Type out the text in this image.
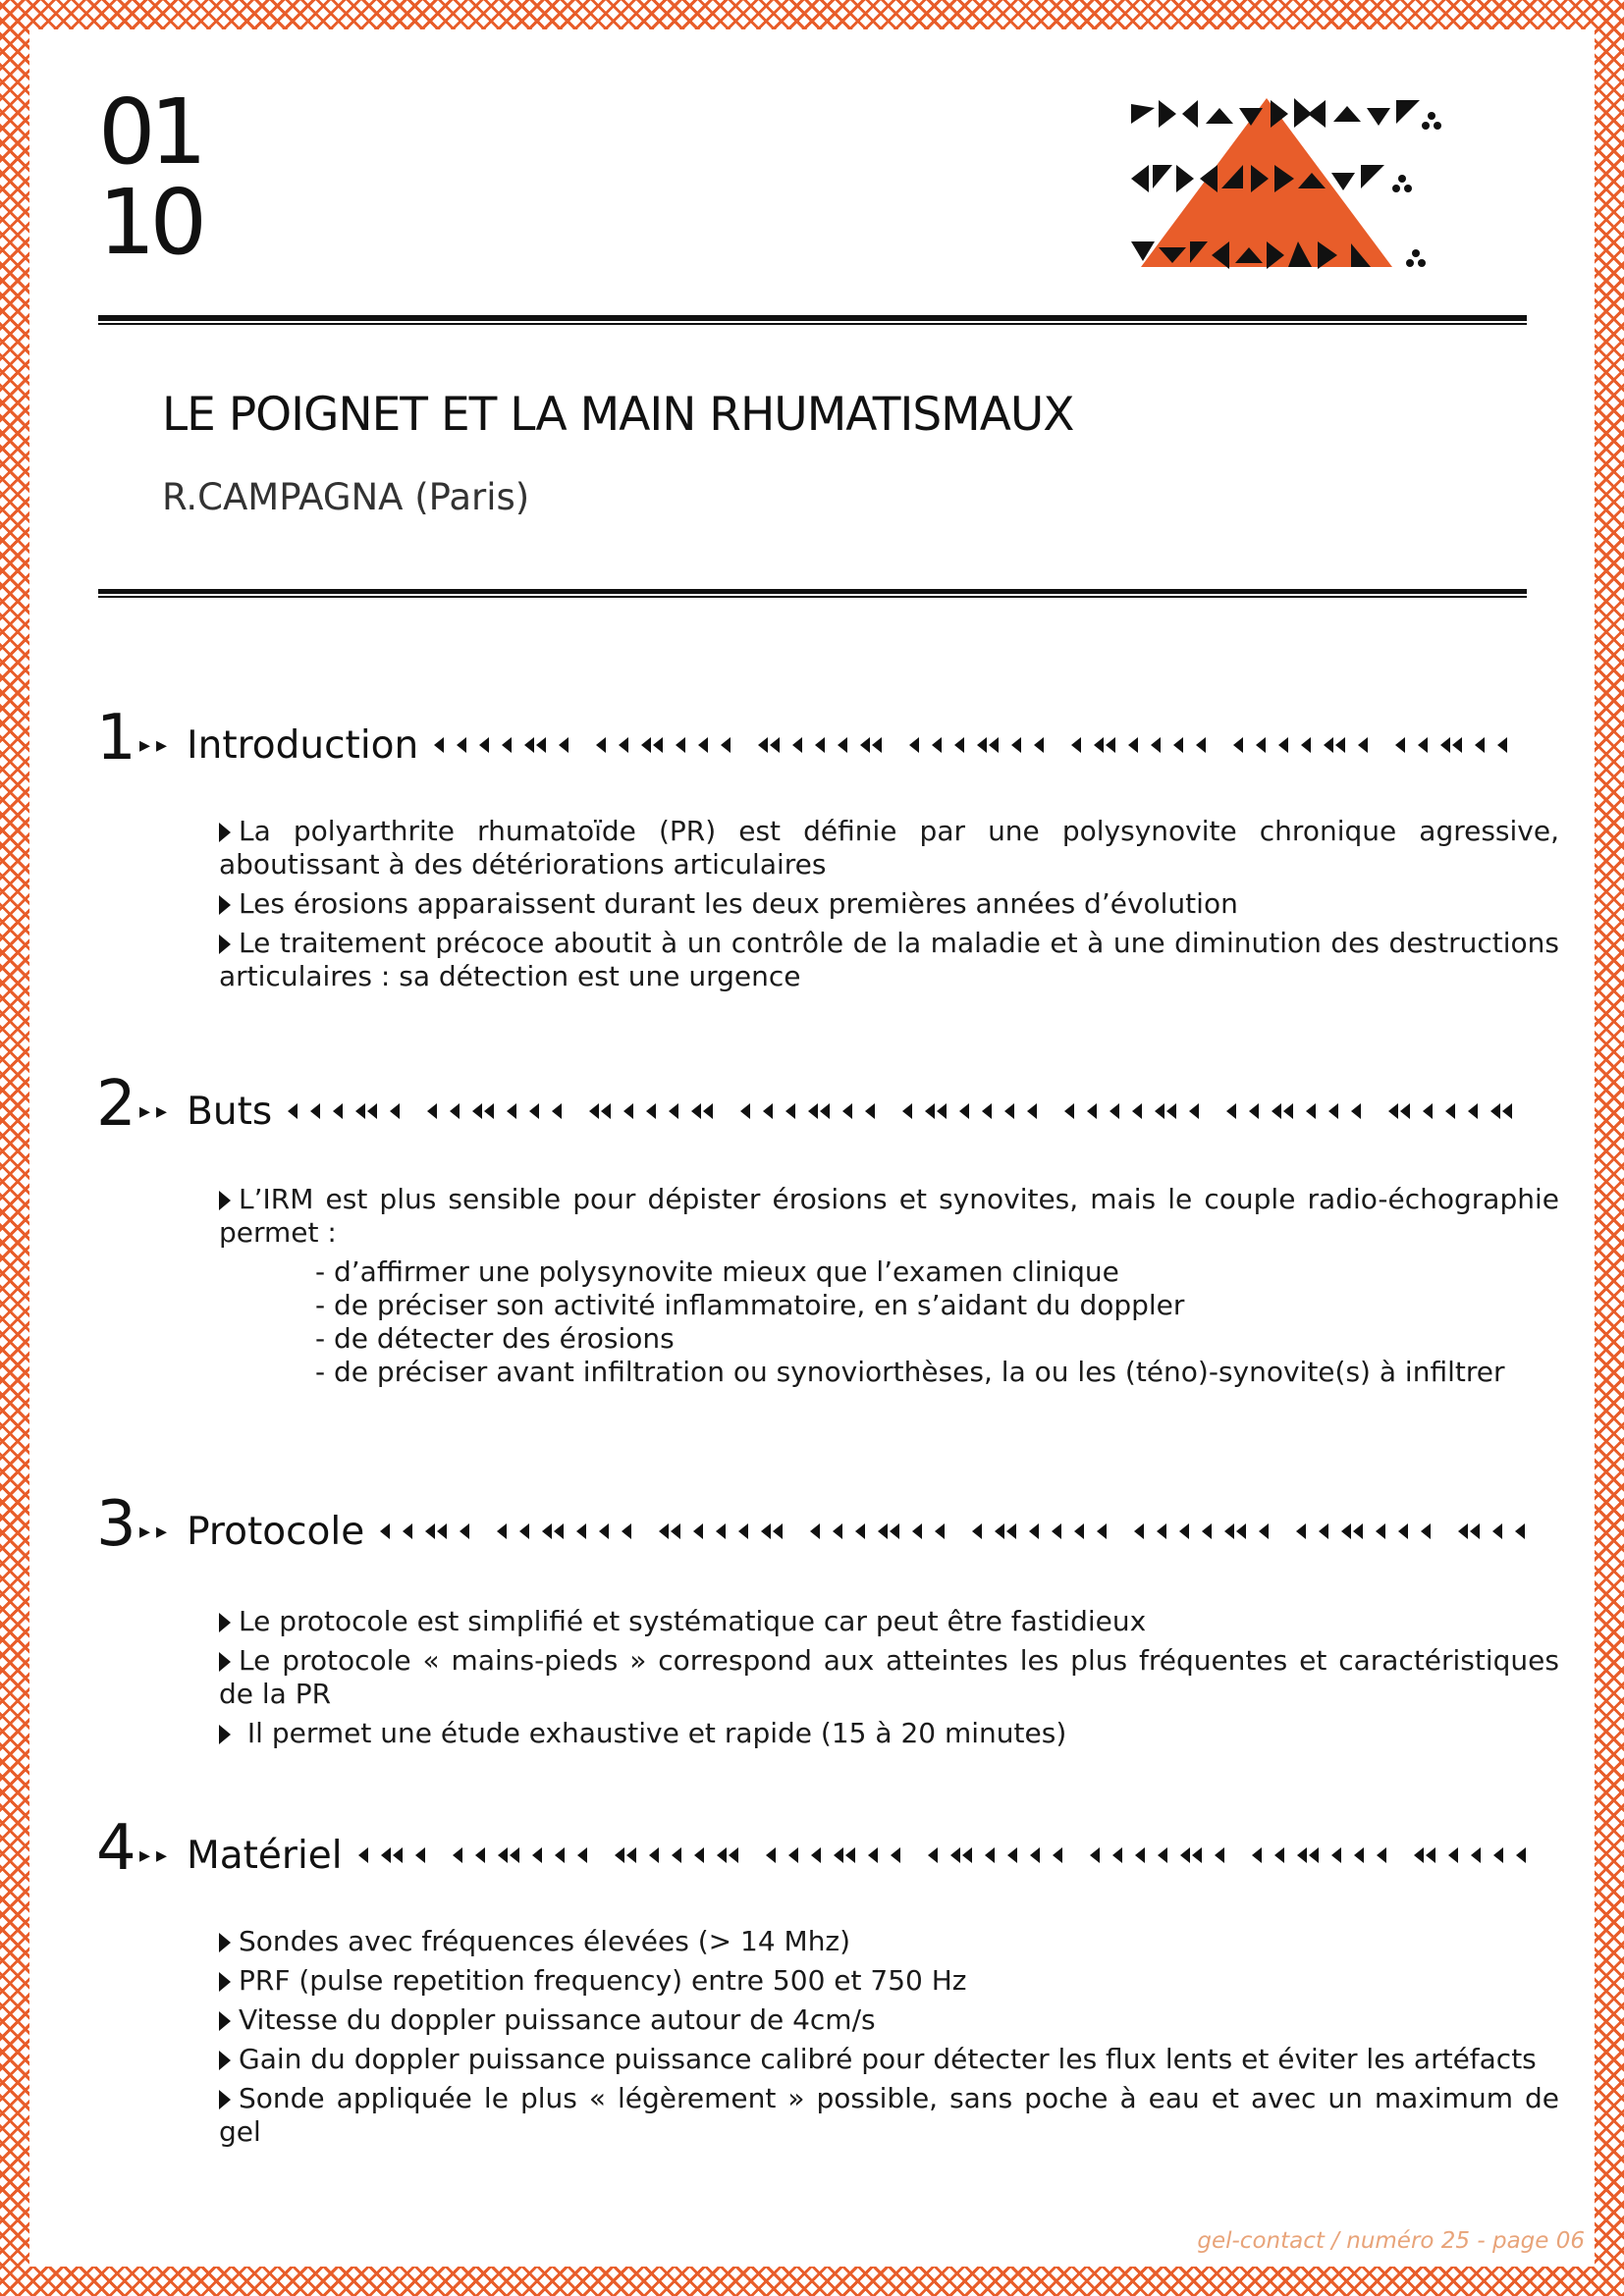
01
10
LE POIGNET ET LA MAIN RHUMATISMAUX
R.CAMPAGNA (Paris)
1 ▸▸ Introduction
La polyarthrite rhumatoïde (PR) est définie par une polysynovite chronique agressive, aboutissant à des détériorations articulaires
Les érosions apparaissent durant les deux premières années d’évolution
Le traitement précoce aboutit à un contrôle de la maladie et à une diminution des destructions articulaires : sa détection est une urgence
2 ▸▸ Buts
L’IRM est plus sensible pour dépister érosions et synovites, mais le couple radio-échographie permet :
- d’affirmer une polysynovite mieux que l’examen clinique
- de préciser son activité inflammatoire, en s’aidant du doppler
- de détecter des érosions
- de préciser avant infiltration ou synoviorthèses, la ou les (téno)-synovite(s) à infiltrer
3 ▸▸ Protocole
Le protocole est simplifié et systématique car peut être fastidieux
Le protocole « mains-pieds » correspond aux atteintes les plus fréquentes et caractéristiques de la PR
Il permet une étude exhaustive et rapide (15 à 20 minutes)
4 ▸▸ Matériel
Sondes avec fréquences élevées (> 14 Mhz)
PRF (pulse repetition frequency) entre 500 et 750 Hz
Vitesse du doppler puissance autour de 4cm/s
Gain du doppler puissance puissance calibré pour détecter les flux lents et éviter les artéfacts
Sonde appliquée le plus « légèrement » possible, sans poche à eau et avec un maximum de gel
gel-contact / numéro 25 - page 06
